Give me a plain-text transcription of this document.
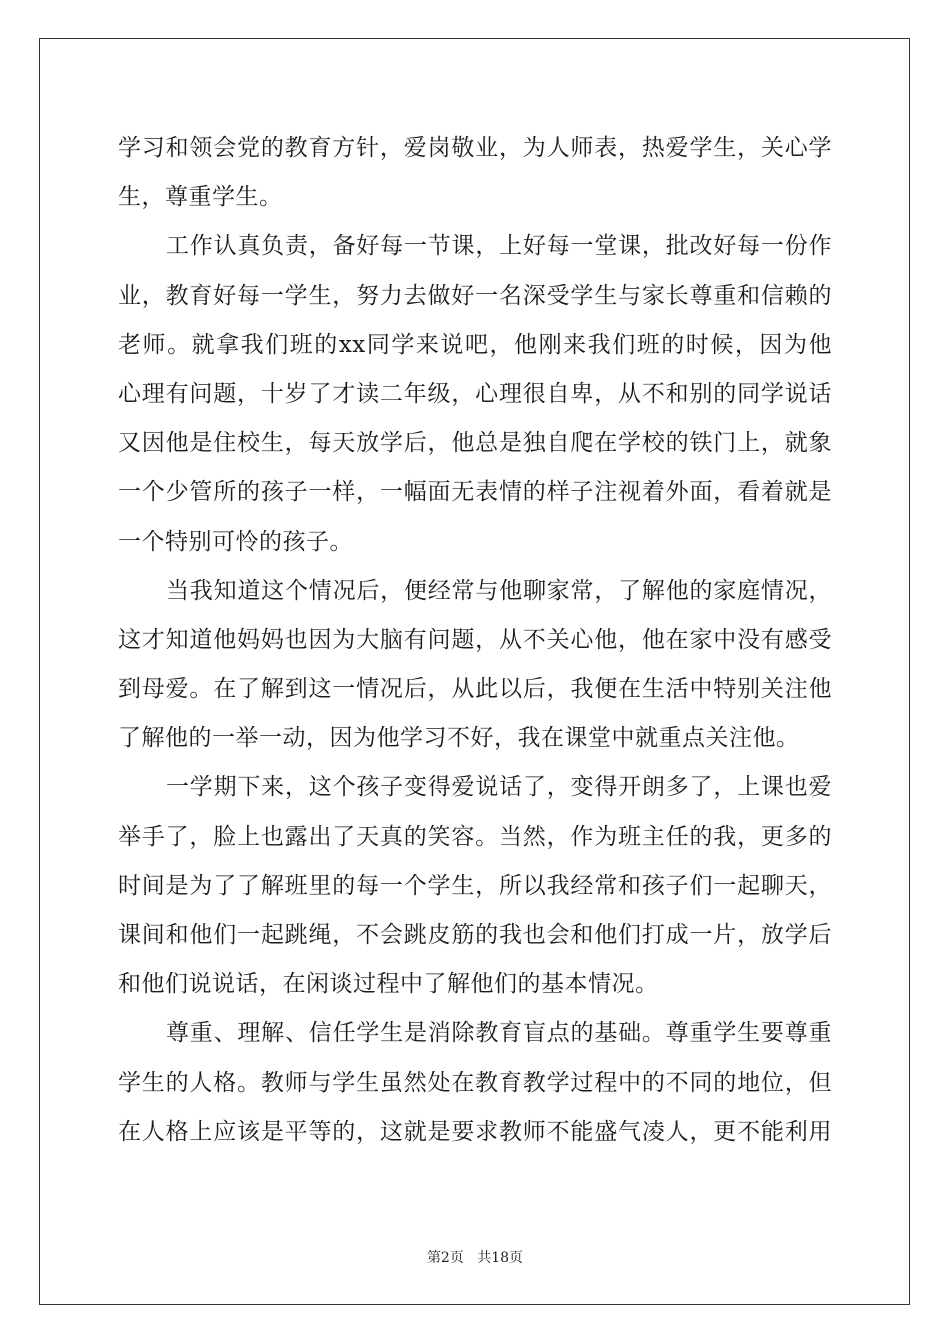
学习和领会党的教育方针，爱岗敬业，为人师表，热爱学生，关心学
生，尊重学生。
工作认真负责，备好每一节课，上好每一堂课，批改好每一份作
业，教育好每一学生，努力去做好一名深受学生与家长尊重和信赖的
老师。就拿我们班的xx同学来说吧，他刚来我们班的时候，因为他
心理有问题，十岁了才读二年级，心理很自卑，从不和别的同学说话
又因他是住校生，每天放学后，他总是独自爬在学校的铁门上，就象
一个少管所的孩子一样，一幅面无表情的样子注视着外面，看着就是
一个特别可怜的孩子。
当我知道这个情况后，便经常与他聊家常，了解他的家庭情况，
这才知道他妈妈也因为大脑有问题，从不关心他，他在家中没有感受
到母爱。在了解到这一情况后，从此以后，我便在生活中特别关注他
了解他的一举一动，因为他学习不好，我在课堂中就重点关注他。
一学期下来，这个孩子变得爱说话了，变得开朗多了，上课也爱
举手了，脸上也露出了天真的笑容。当然，作为班主任的我，更多的
时间是为了了解班里的每一个学生，所以我经常和孩子们一起聊天，
课间和他们一起跳绳，不会跳皮筋的我也会和他们打成一片，放学后
和他们说说话，在闲谈过程中了解他们的基本情况。
尊重、理解、信任学生是消除教育盲点的基础。尊重学生要尊重
学生的人格。教师与学生虽然处在教育教学过程中的不同的地位，但
在人格上应该是平等的，这就是要求教师不能盛气凌人，更不能利用
第2页 共18页
